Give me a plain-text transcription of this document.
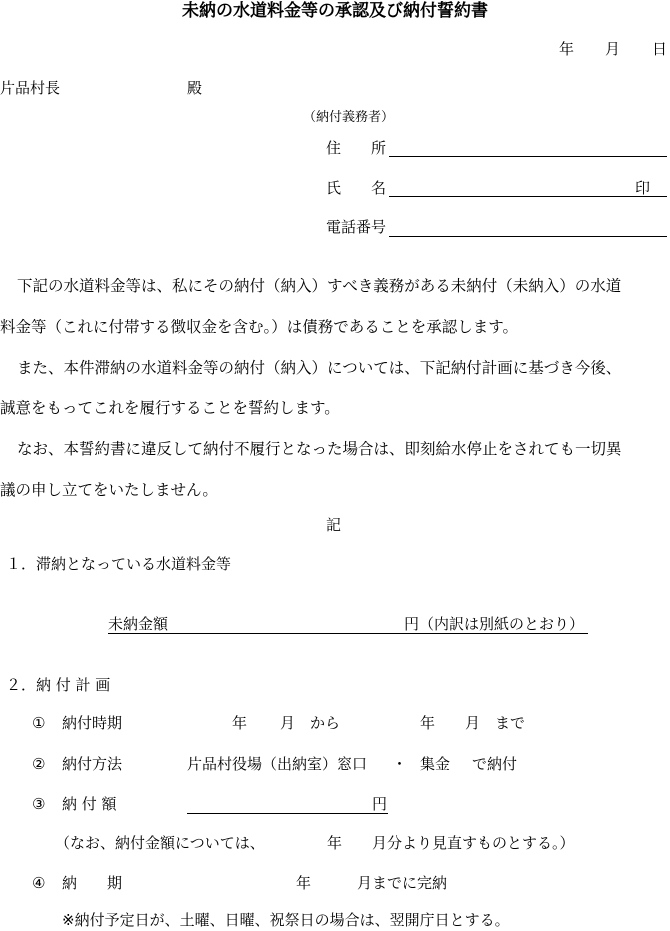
未納の水道料金等の承認及び納付誓約書
年 月 日
片品村長	殿
（納付義務者）
住　　所
氏　　名	印
電話番号
下記の水道料金等は、私にその納付（納入）すべき義務がある未納付（未納入）の水道
料金等（これに付帯する徴収金を含む。）は債務であることを承認します。
また、本件滞納の水道料金等の納付（納入）については、下記納付計画に基づき今後、
誠意をもってこれを履行することを誓約します。
なお、本誓約書に違反して納付不履行となった場合は、即刻給水停止をされても一切異
議の申し立てをいたしません。
記
１．滞納となっている水道料金等
未納金額	円（内訳は別紙のとおり）
２．納 付 計 画
① 納付時期	年 月 から	年 月 まで
② 納付方法	片品村役場（出納室）窓口 ・ 集金 で納付
③ 納 付 額	円
（なお、納付金額については、	年 月分より見直すものとする。）
④ 納　　期	年	月までに完納
※納付予定日が、土曜、日曜、祝祭日の場合は、翌開庁日とする。
